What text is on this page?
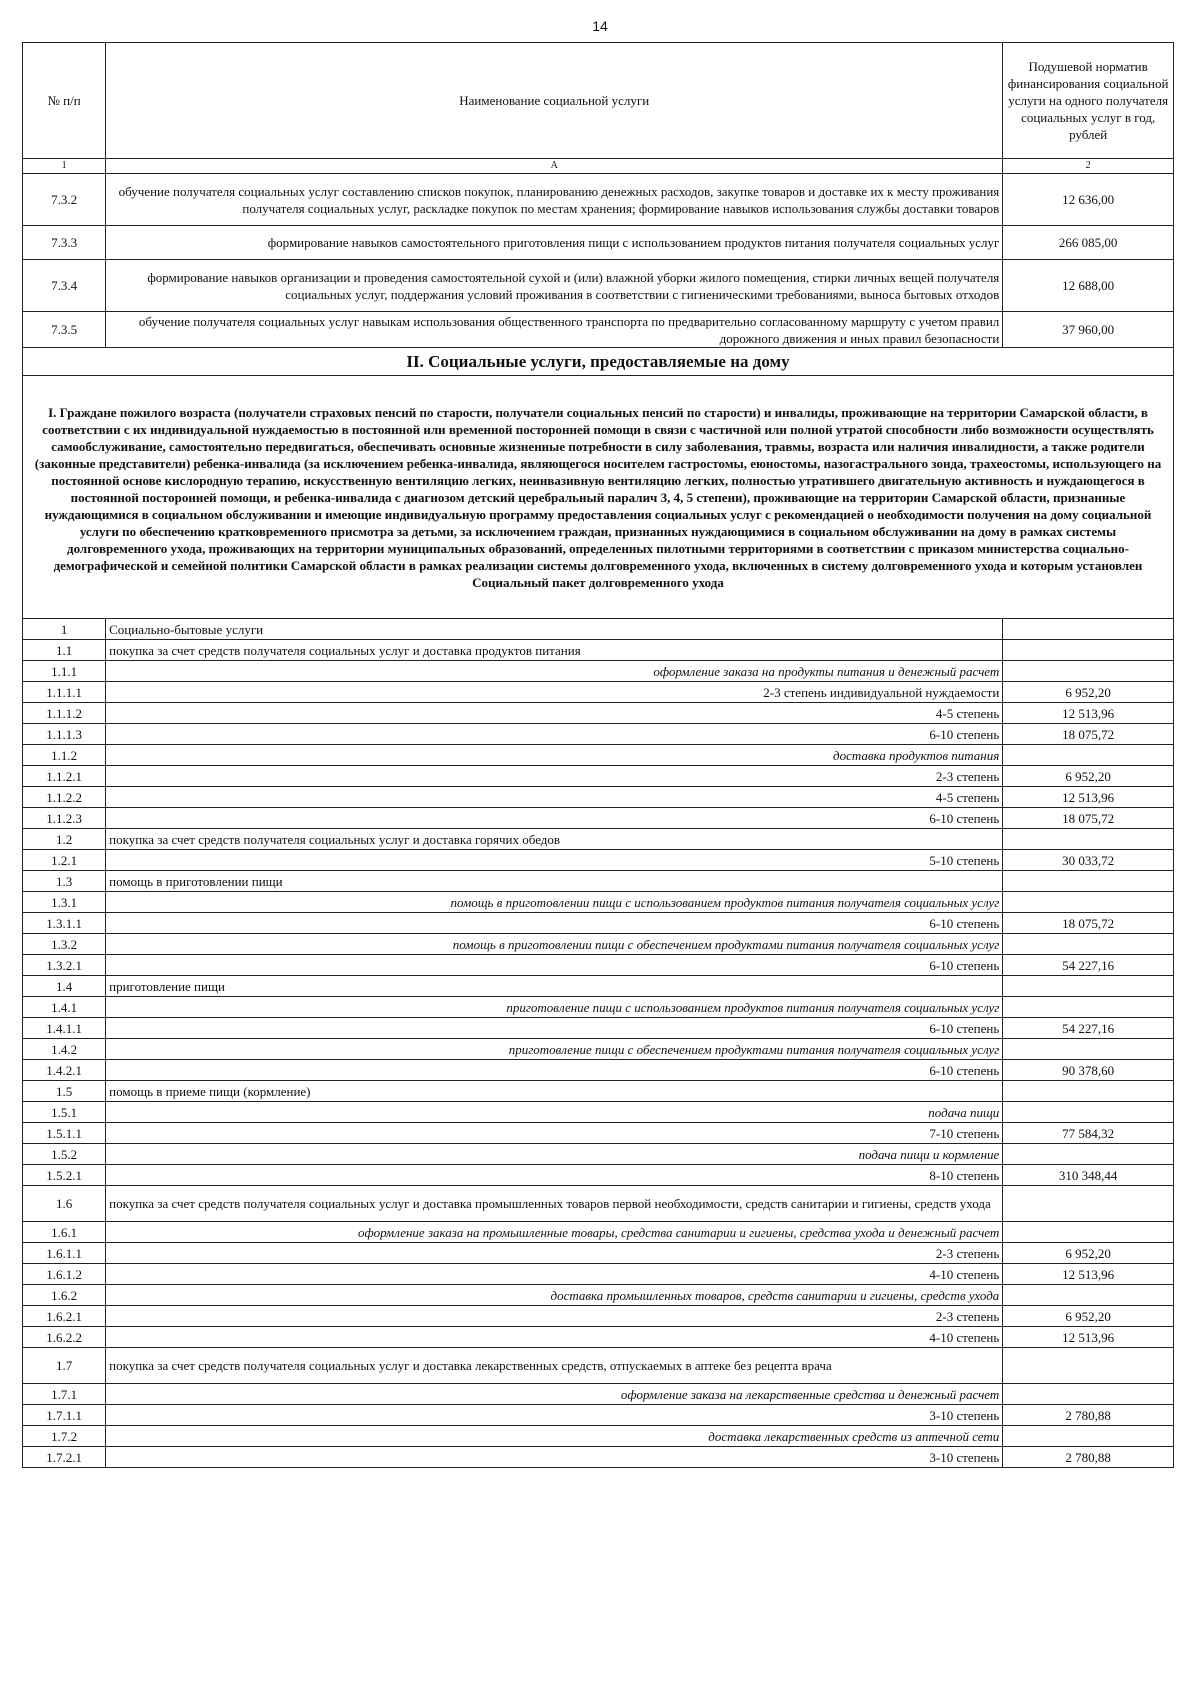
14
№ п/п	Наименование социальной услуги	Подушевой норматив финансирования социальной услуги на одного получателя социальных услуг в год, рублей
1	А	2
7.3.2	обучение получателя социальных услуг составлению списков покупок, планированию денежных расходов, закупке товаров и доставке их к месту проживания получателя социальных услуг, раскладке покупок по местам хранения; формирование навыков использования службы доставки товаров	12 636,00
7.3.3	формирование навыков самостоятельного приготовления пищи с использованием продуктов питания получателя социальных услуг	266 085,00
7.3.4	формирование навыков организации и проведения самостоятельной сухой и (или) влажной уборки жилого помещения, стирки личных вещей получателя социальных услуг, поддержания условий проживания в соответствии с гигиеническими требованиями, выноса бытовых отходов	12 688,00
7.3.5	обучение получателя социальных услуг навыкам использования общественного транспорта по предварительно согласованному маршруту с учетом правил дорожного движения и иных правил безопасности	37 960,00
II. Социальные услуги, предоставляемые на дому		
I. Граждане пожилого возраста (получатели страховых пенсий по старости, получатели социальных пенсий по старости) и инвалиды, проживающие на территории Самарской области, в соответствии с их индивидуальной нуждаемостью в постоянной или временной посторонней помощи в связи с частичной или полной утратой способности либо возможности осуществлять самообслуживание, самостоятельно передвигаться, обеспечивать основные жизненные потребности в силу заболевания, травмы, возраста или наличия инвалидности, а также родители (законные представители) ребенка-инвалида (за исключением ребенка-инвалида, являющегося носителем гастростомы, еюностомы, назогастрального зонда, трахеостомы, использующего на постоянной основе кислородную терапию, искусственную вентиляцию легких, неинвазивную вентиляцию легких, полностью утратившего двигательную активность и нуждающегося в постоянной посторонней помощи, и ребенка-инвалида с диагнозом детский церебральный паралич 3, 4, 5 степени), проживающие на территории Самарской области, признанные нуждающимися в социальном обслуживании и имеющие индивидуальную программу предоставления социальных услуг с рекомендацией о необходимости получения на дому социальной услуги по обеспечению кратковременного присмотра за детьми, за исключением граждан, признанных нуждающимися в социальном обслуживании на дому в рамках системы долговременного ухода, проживающих на территории муниципальных образований, определенных пилотными территориями в соответствии с приказом министерства социально-демографической и семейной политики Самарской области в рамках реализации системы долговременного ухода, включенных в систему долговременного ухода и которым установлен Социальный пакет долговременного ухода		
1	Социально-бытовые услуги	
1.1	покупка за счет средств получателя социальных услуг и доставка продуктов питания	
1.1.1	оформление заказа на продукты питания и денежный расчет	
1.1.1.1	2-3 степень индивидуальной нуждаемости	6 952,20
1.1.1.2	4-5 степень	12 513,96
1.1.1.3	6-10 степень	18 075,72
1.1.2	доставка продуктов питания	
1.1.2.1	2-3 степень	6 952,20
1.1.2.2	4-5 степень	12 513,96
1.1.2.3	6-10 степень	18 075,72
1.2	покупка за счет средств получателя социальных услуг и доставка горячих обедов	
1.2.1	5-10 степень	30 033,72
1.3	помощь в приготовлении пищи	
1.3.1	помощь в приготовлении пищи с использованием продуктов питания получателя социальных услуг	
1.3.1.1	6-10 степень	18 075,72
1.3.2	помощь в приготовлении пищи с обеспечением продуктами питания получателя социальных услуг	
1.3.2.1	6-10 степень	54 227,16
1.4	приготовление пищи	
1.4.1	приготовление пищи с использованием продуктов питания получателя социальных услуг	
1.4.1.1	6-10 степень	54 227,16
1.4.2	приготовление пищи с обеспечением продуктами питания получателя социальных услуг	
1.4.2.1	6-10 степень	90 378,60
1.5	помощь в приеме пищи (кормление)	
1.5.1	подача пищи	
1.5.1.1	7-10 степень	77 584,32
1.5.2	подача пищи и кормление	
1.5.2.1	8-10 степень	310 348,44
1.6	покупка за счет средств получателя социальных услуг и доставка промышленных товаров первой необходимости, средств санитарии и гигиены, средств ухода	
1.6.1	оформление заказа на промышленные товары, средства санитарии и гигиены, средства ухода и денежный расчет	
1.6.1.1	2-3 степень	6 952,20
1.6.1.2	4-10 степень	12 513,96
1.6.2	доставка промышленных товаров, средств санитарии и гигиены, средств ухода	
1.6.2.1	2-3 степень	6 952,20
1.6.2.2	4-10 степень	12 513,96
1.7	покупка за счет средств получателя социальных услуг и доставка лекарственных средств, отпускаемых в аптеке без рецепта врача	
1.7.1	оформление заказа на лекарственные средства и денежный расчет	
1.7.1.1	3-10 степень	2 780,88
1.7.2	доставка лекарственных средств из аптечной сети	
1.7.2.1	3-10 степень	2 780,88
